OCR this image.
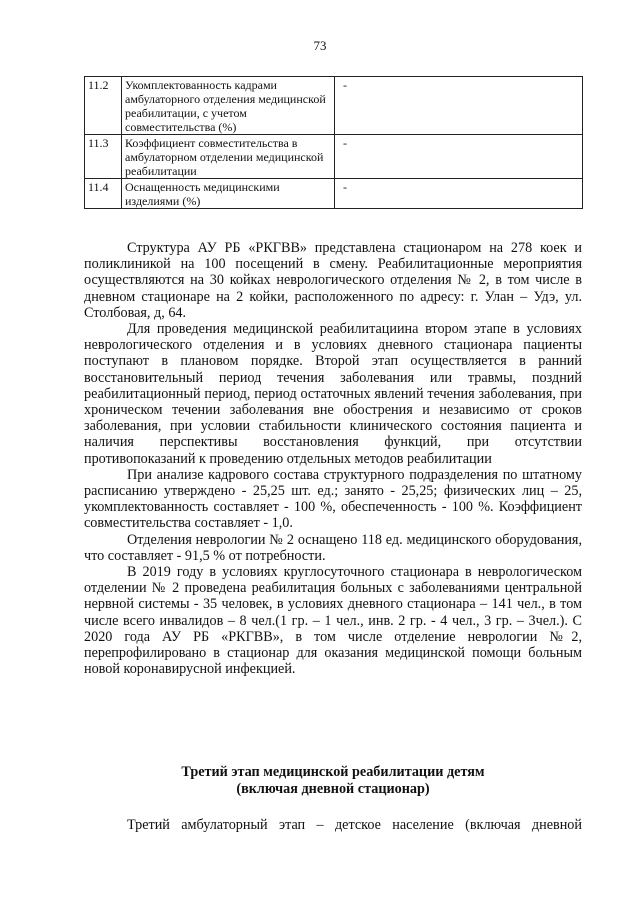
73
11.2	Укомплектованность кадрами амбулаторного отделения медицинской реабилитации, с учетом совместительства (%)	-
11.3	Коэффициент совместительства в амбулаторном отделении медицинской реабилитации	-
11.4	Оснащенность медицинскими изделиями (%)	-

Структура АУ РБ «РКГВВ» представлена стационаром на 278 коек и поликлиникой на 100 посещений в смену. Реабилитационные мероприятия осуществляются на 30 койках неврологического отделения № 2, в том числе в дневном стационаре на 2 койки, расположенного по адресу: г. Улан – Удэ, ул. Столбовая, д, 64.

Для проведения медицинской реабилитациина втором этапе в условиях неврологического отделения и в условиях дневного стационара пациенты поступают в плановом порядке. Второй этап осуществляется в ранний восстановительный период течения заболевания или травмы, поздний реабилитационный период, период остаточных явлений течения заболевания, при хроническом течении заболевания вне обострения и независимо от сроков заболевания, при условии стабильности клинического состояния пациента и наличия перспективы восстановления функций, при отсутствии противопоказаний к проведению отдельных методов реабилитации

При анализе кадрового состава структурного подразделения по штатному расписанию утверждено - 25,25 шт. ед.; занято - 25,25; физических лиц – 25, укомплектованность составляет - 100 %, обеспеченность - 100 %. Коэффициент совместительства составляет - 1,0.

Отделения неврологии № 2 оснащено 118 ед. медицинского оборудования, что составляет - 91,5 % от потребности.

В 2019 году в условиях круглосуточного стационара в неврологическом отделении № 2 проведена реабилитация больных с заболеваниями центральной нервной системы - 35 человек, в условиях дневного стационара – 141 чел., в том числе всего инвалидов – 8 чел.(1 гр. – 1 чел., инв. 2 гр. - 4 чел., 3 гр. – 3чел.). С 2020 года АУ РБ «РКГВВ», в том числе отделение неврологии №2, перепрофилировано в стационар для оказания медицинской помощи больным новой коронавирусной инфекцией.

Третий этап медицинской реабилитации детям
(включая дневной стационар)

Третий амбулаторный этап – детское население (включая дневной
